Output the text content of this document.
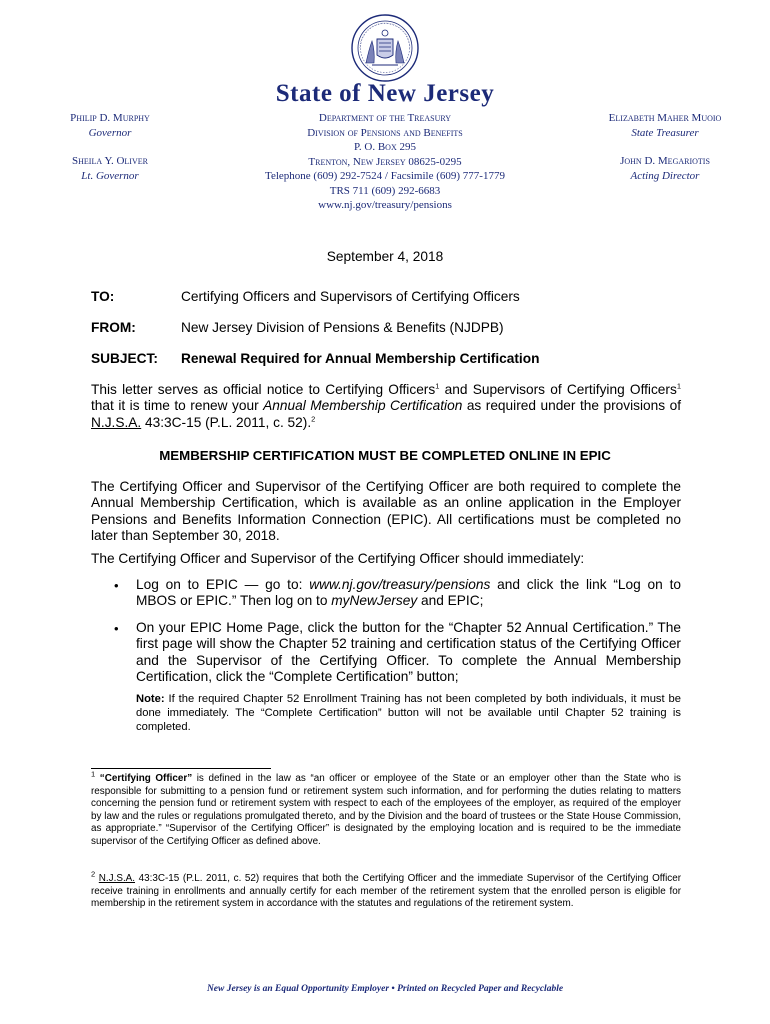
State of New Jersey
Philip D. Murphy
Governor
Sheila Y. Oliver
Lt. Governor
Department of the Treasury
Division of Pensions and Benefits
P. O. Box 295
Trenton, New Jersey 08625-0295
Telephone (609) 292-7524 / Facsimile (609) 777-1779
TRS 711 (609) 292-6683
www.nj.gov/treasury/pensions
Elizabeth Maher Muoio
State Treasurer
John D. Megariotis
Acting Director
September 4, 2018
TO:	Certifying Officers and Supervisors of Certifying Officers
FROM:	New Jersey Division of Pensions & Benefits (NJDPB)
SUBJECT: Renewal Required for Annual Membership Certification
This letter serves as official notice to Certifying Officers$^1$ and Supervisors of Certifying Officers$^1$ that it is time to renew your Annual Membership Certification as required under the provisions of N.J.S.A. 43:3C-15 (P.L. 2011, c. 52).$^2$
MEMBERSHIP CERTIFICATION MUST BE COMPLETED ONLINE IN EPIC
The Certifying Officer and Supervisor of the Certifying Officer are both required to complete the Annual Membership Certification, which is available as an online application in the Employer Pensions and Benefits Information Connection (EPIC). All certifications must be completed no later than September 30, 2018.
The Certifying Officer and Supervisor of the Certifying Officer should immediately:
• Log on to EPIC — go to: www.nj.gov/treasury/pensions and click the link “Log on to MBOS or EPIC.” Then log on to myNewJersey and EPIC;
• On your EPIC Home Page, click the button for the “Chapter 52 Annual Certification.” The first page will show the Chapter 52 training and certification status of the Certifying Officer and the Supervisor of the Certifying Officer. To complete the Annual Membership Certification, click the “Complete Certification” button;
Note: If the required Chapter 52 Enrollment Training has not been completed by both individuals, it must be done immediately. The “Complete Certification” button will not be available until Chapter 52 training is completed.
$^1$ “Certifying Officer” is defined in the law as “an officer or employee of the State or an employer other than the State who is responsible for submitting to a pension fund or retirement system such information, and for performing the duties relating to matters concerning the pension fund or retirement system with respect to each of the employees of the employer, as required of the employer by law and the rules or regulations promulgated thereto, and by the Division and the board of trustees or the State House Commission, as appropriate.” “Supervisor of the Certifying Officer” is designated by the employing location and is required to be the immediate supervisor of the Certifying Officer as defined above.
$^2$ N.J.S.A. 43:3C-15 (P.L. 2011, c. 52) requires that both the Certifying Officer and the immediate Supervisor of the Certifying Officer receive training in enrollments and annually certify for each member of the retirement system that the enrolled person is eligible for membership in the retirement system in accordance with the statutes and regulations of the retirement system.
New Jersey is an Equal Opportunity Employer • Printed on Recycled Paper and Recyclable
